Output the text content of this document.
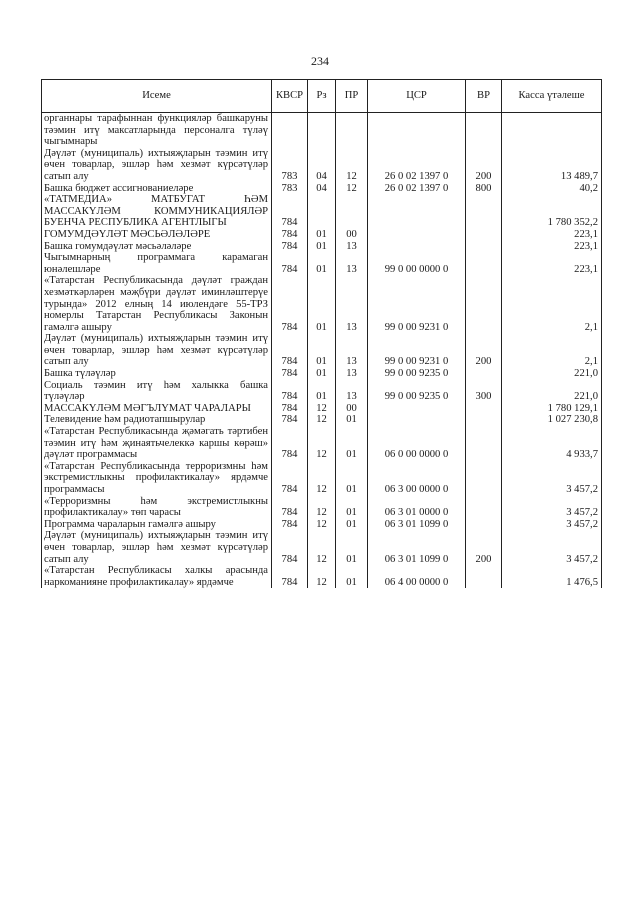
234
Исеме	КВСР	Рз	ПР	ЦСР	ВР	Касса үтәлеше
органнары тарафыннан функцияләр башкаруны тәэмин итү максатларында персоналга түләү чыгымнары						
Дәүләт (муниципаль) ихтыяҗларын тәэмин итү өчен товарлар, эшләр һәм хезмәт күрсәтүләр сатып алу	783	04	12	26 0 02 1397 0	200	13 489,7
Башка бюджет ассигнованиеләре	783	04	12	26 0 02 1397 0	800	40,2
«ТАТМЕДИА» МАТБУГАТ ҺӘМ МАССАКҮЛӘМ КОММУНИКАЦИЯЛӘР БУЕНЧА РЕСПУБЛИКА АГЕНТЛЫГЫ	784					1 780 352,2
ГОМУМДӘҮЛӘТ МӘСЬӘЛӘЛӘРЕ	784	01	00			223,1
Башка гомумдәүләт мәсьәләләре	784	01	13			223,1
Чыгымнарның программага карамаган юнәлешләре	784	01	13	99 0 00 0000 0		223,1
«Татарстан Республикасында дәүләт граждан хезмәткәрләрен мәҗбүри дәүләт иминләштерүе турында» 2012 елның 14 июлендәге 55-ТРЗ номерлы Татарстан Республикасы Законын гамәлгә ашыру	784	01	13	99 0 00 9231 0		2,1
Дәүләт (муниципаль) ихтыяҗларын тәэмин итү өчен товарлар, эшләр һәм хезмәт күрсәтүләр сатып алу	784	01	13	99 0 00 9231 0	200	2,1
Башка түләүләр	784	01	13	99 0 00 9235 0		221,0
Социаль тәэмин итү һәм халыкка башка түләүләр	784	01	13	99 0 00 9235 0	300	221,0
МАССАКҮЛӘМ МӘГЪЛҮМАТ ЧАРАЛАРЫ	784	12	00			1 780 129,1
Телевидение һәм радиотапшырулар	784	12	01			1 027 230,8
«Татарстан Республикасында җәмәгать тәртибен тәэмин итү һәм җинаятьчелеккә каршы көрәш» дәүләт программасы	784	12	01	06 0 00 0000 0		4 933,7
«Татарстан Республикасында терроризмны һәм экстремистлыкны профилактикалау» ярдәмче программасы	784	12	01	06 3 00 0000 0		3 457,2
«Терроризмны һәм экстремистлыкны профилактикалау» төп чарасы	784	12	01	06 3 01 0000 0		3 457,2
Программа чараларын гамәлгә ашыру	784	12	01	06 3 01 1099 0		3 457,2
Дәүләт (муниципаль) ихтыяҗларын тәэмин итү өчен товарлар, эшләр һәм хезмәт күрсәтүләр сатып алу	784	12	01	06 3 01 1099 0	200	3 457,2
«Татарстан Республикасы халкы арасында наркоманияне профилактикалау» ярдәмче	784	12	01	06 4 00 0000 0		1 476,5
